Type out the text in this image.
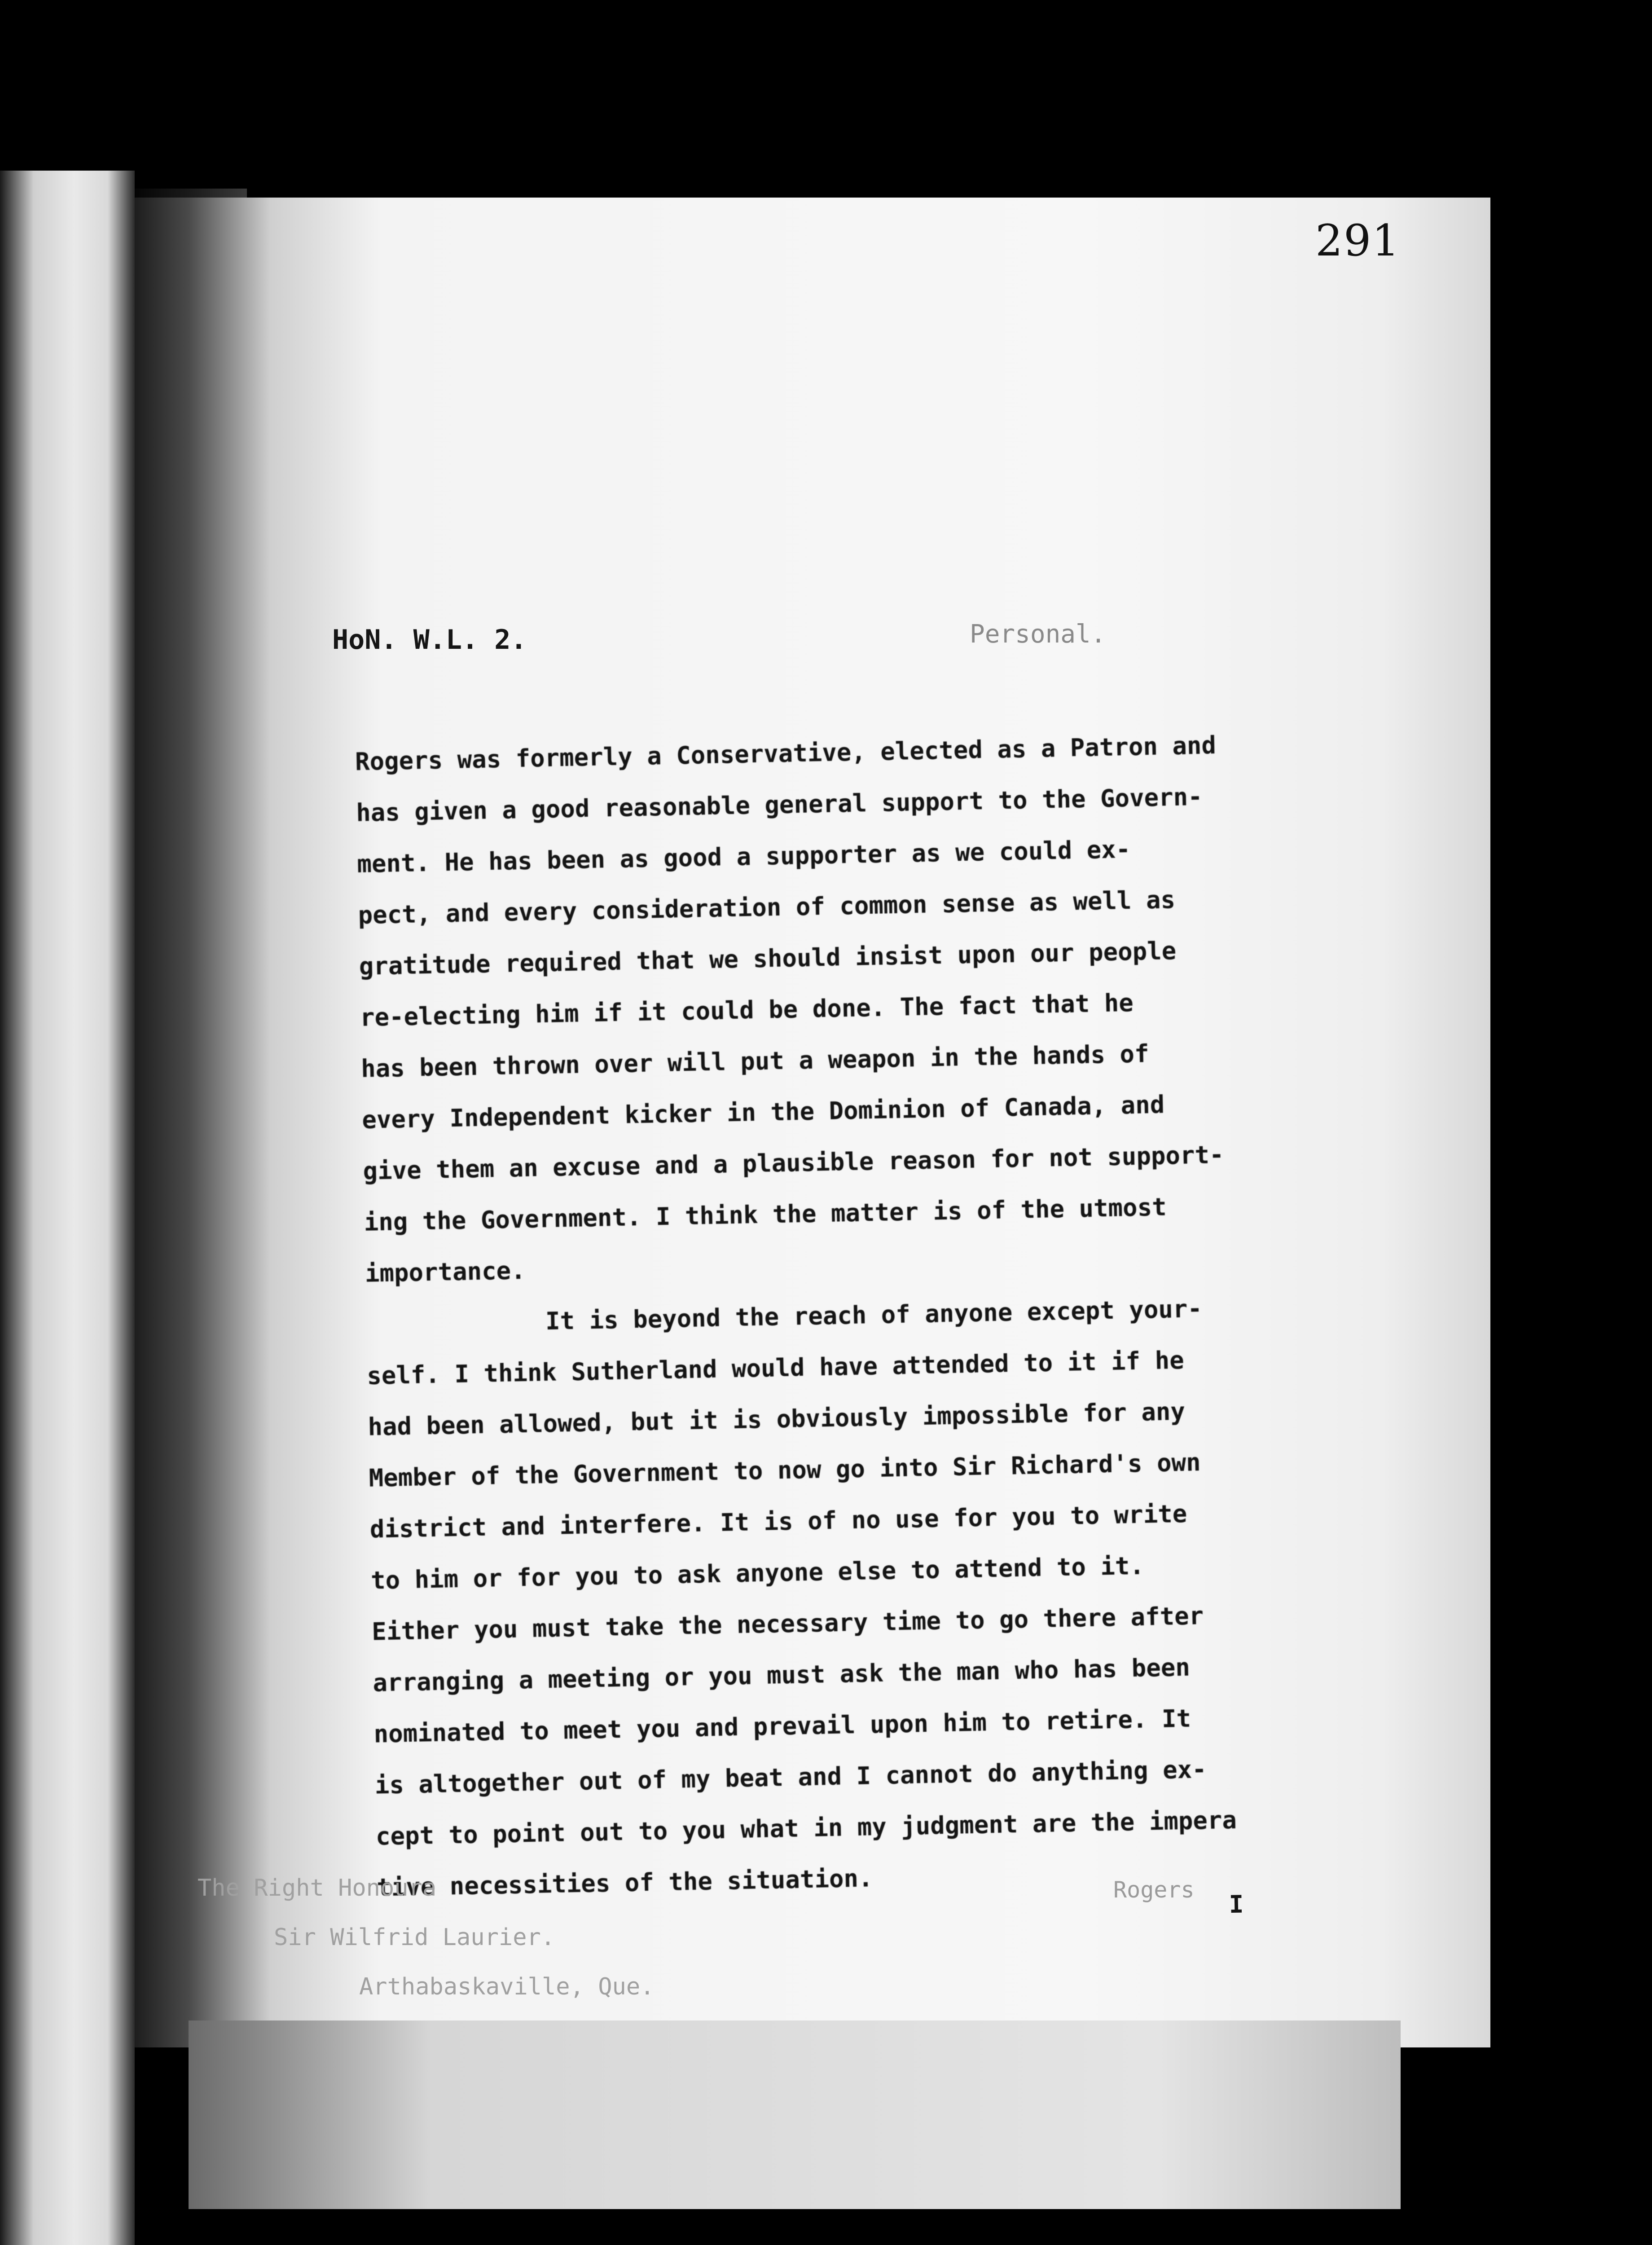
291
HoN. W.L. 2.	Personal.
Rogers was formerly a Conservative, elected as a Patron and
has given a good reasonable general support to the Govern-
ment. He has been as good a supporter as we could ex-
pect, and every consideration of common sense as well as
gratitude required that we should insist upon our people
re-electing him if it could be done. The fact that he
has been thrown over will put a weapon in the hands of
every Independent kicker in the Dominion of Canada, and
give them an excuse and a plausible reason for not support-
ing the Government. I think the matter is of the utmost
importance.
It is beyond the reach of anyone except your-
self. I think Sutherland would have attended to it if he
had been allowed, but it is obviously impossible for any
Member of the Government to now go into Sir Richard's own
district and interfere. It is of no use for you to write
to him or for you to ask anyone else to attend to it.
Either you must take the necessary time to go there after
arranging a meeting or you must ask the man who has been
nominated to meet you and prevail upon him to retire. It
is altogether out of my beat and I cannot do anything ex-
cept to point out to you what in my judgment are the impera
tive necessities of the situation.
I
The Right Honoura
Sir Wilfrid Laurier.
Arthabaskaville, Que.
Rogers
